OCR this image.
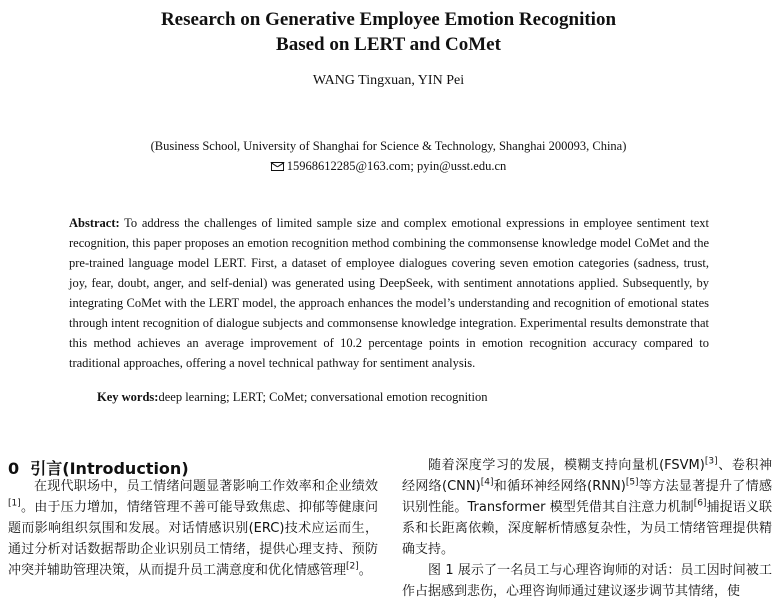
Research on Generative Employee Emotion Recognition
Based on LERT and CoMet
WANG Tingxuan, YIN Pei
(Business School, University of Shanghai for Science & Technology, Shanghai 200093, China)
15968612285@163.com; pyin@usst.edu.cn
Abstract: To address the challenges of limited sample size and complex emotional expressions in employee sentiment text recognition, this paper proposes an emotion recognition method combining the commonsense knowledge model CoMet and the pre-trained language model LERT. First, a dataset of employee dialogues covering seven emotion categories (sadness, trust, joy, fear, doubt, anger, and self-denial) was generated using DeepSeek, with sentiment annotations applied. Subsequently, by integrating CoMet with the LERT model, the approach enhances the model’s understanding and recognition of emotional states through intent recognition of dialogue subjects and commonsense knowledge integration. Experimental results demonstrate that this method achieves an average improvement of 10.2 percentage points in emotion recognition accuracy compared to traditional approaches, offering a novel technical pathway for sentiment analysis.
Key words:deep learning; LERT; CoMet; conversational emotion recognition
0 引言(Introduction)

在现代职场中，员工情绪问题显著影响工作效率和企业绩效[1]。由于压力增加，情绪管理不善可能导致焦虑、抑郁等健康问题而影响组织氛围和发展。对话情感识别(ERC)技术应运而生，通过分析对话数据帮助企业识别员工情绪，提供心理支持、预防冲突并辅助管理决策，从而提升员工满意度和优化情感管理[2]。

随着深度学习的发展，模糊支持向量机(FSVM)[3]、卷积神经网络(CNN)[4]和循环神经网络(RNN)[5]等方法显著提升了情感识别性能。Transformer 模型凭借其自注意力机制[6]捕捉语义联系和长距离依赖，深度解析情感复杂性，为员工情绪管理提供精确支持。

图 1 展示了一名员工与心理咨询师的对话：员工因时间被工作占据感到悲伤，心理咨询师通过建议逐步调节其情绪，使
